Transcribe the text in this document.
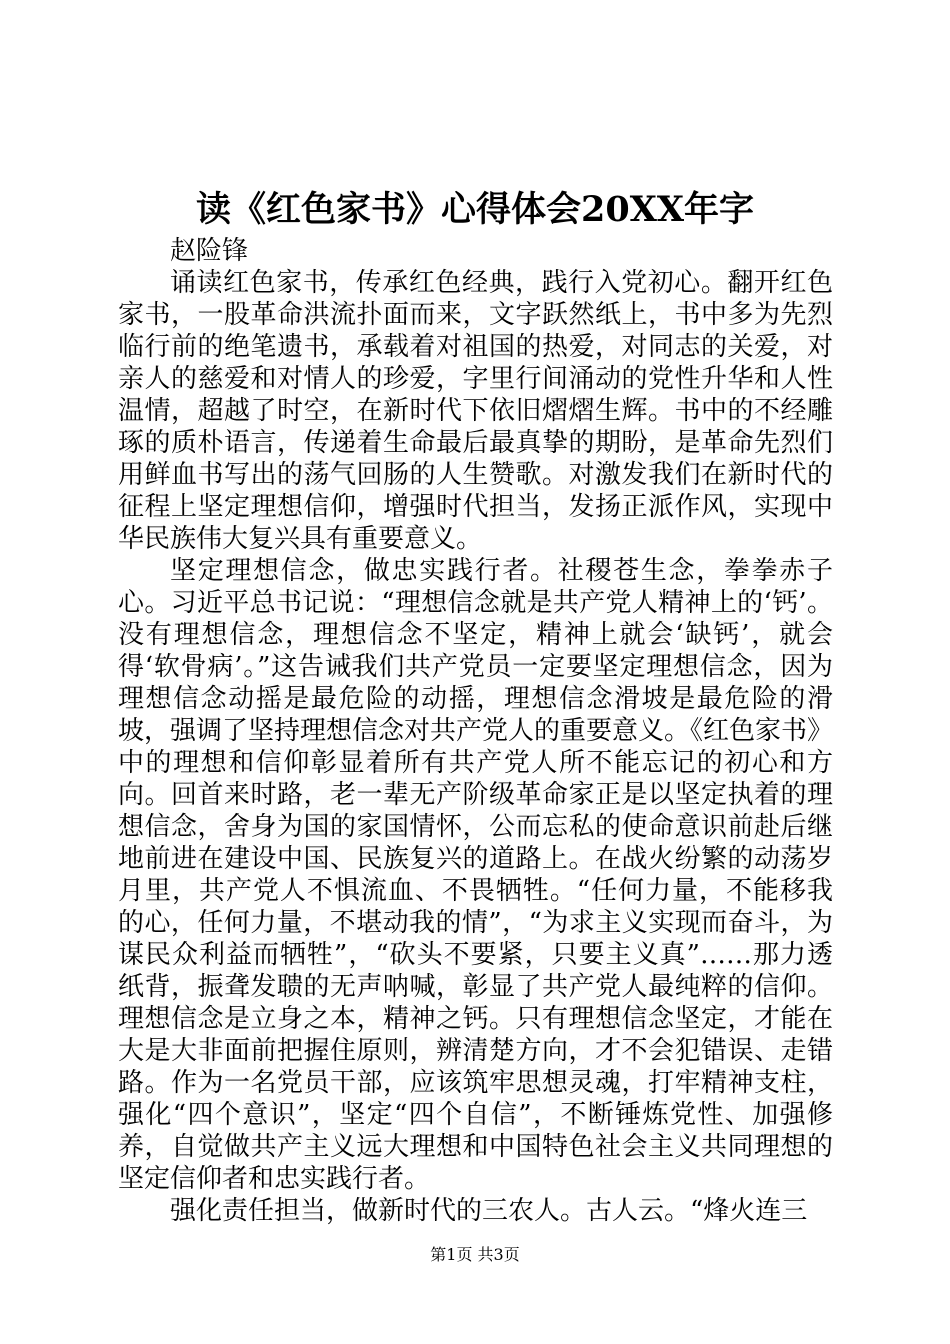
读《红色家书》心得体会20XX年字

赵险锋

诵读红色家书，传承红色经典，践行入党初心。翻开红色家书，一股革命洪流扑面而来，文字跃然纸上，书中多为先烈临行前的绝笔遗书，承载着对祖国的热爱，对同志的关爱，对亲人的慈爱和对情人的珍爱，字里行间涌动的党性升华和人性温情，超越了时空，在新时代下依旧熠熠生辉。书中的不经雕琢的质朴语言，传递着生命最后最真挚的期盼，是革命先烈们用鲜血书写出的荡气回肠的人生赞歌。对激发我们在新时代的征程上坚定理想信仰，增强时代担当，发扬正派作风，实现中华民族伟大复兴具有重要意义。

坚定理想信念，做忠实践行者。社稷苍生念，拳拳赤子心。习近平总书记说：“理想信念就是共产党人精神上的‘钙’。没有理想信念，理想信念不坚定，精神上就会‘缺钙’，就会得‘软骨病’。”这告诫我们共产党员一定要坚定理想信念，因为理想信念动摇是最危险的动摇，理想信念滑坡是最危险的滑坡，强调了坚持理想信念对共产党人的重要意义。《红色家书》中的理想和信仰彰显着所有共产党人所不能忘记的初心和方向。回首来时路，老一辈无产阶级革命家正是以坚定执着的理想信念，舍身为国的家国情怀，公而忘私的使命意识前赴后继地前进在建设中国、民族复兴的道路上。在战火纷繁的动荡岁月里，共产党人不惧流血、不畏牺牲。“任何力量，不能移我的心，任何力量，不堪动我的情”，“为求主义实现而奋斗，为谋民众利益而牺牲”，“砍头不要紧，只要主义真”……那力透纸背，振聋发聩的无声呐喊，彰显了共产党人最纯粹的信仰。理想信念是立身之本，精神之钙。只有理想信念坚定，才能在大是大非面前把握住原则，辨清楚方向，才不会犯错误、走错路。作为一名党员干部，应该筑牢思想灵魂，打牢精神支柱，强化“四个意识”，坚定“四个自信”，不断锤炼党性、加强修养，自觉做共产主义远大理想和中国特色社会主义共同理想的坚定信仰者和忠实践行者。

强化责任担当，做新时代的三农人。古人云。“烽火连三

第1页 共3页
